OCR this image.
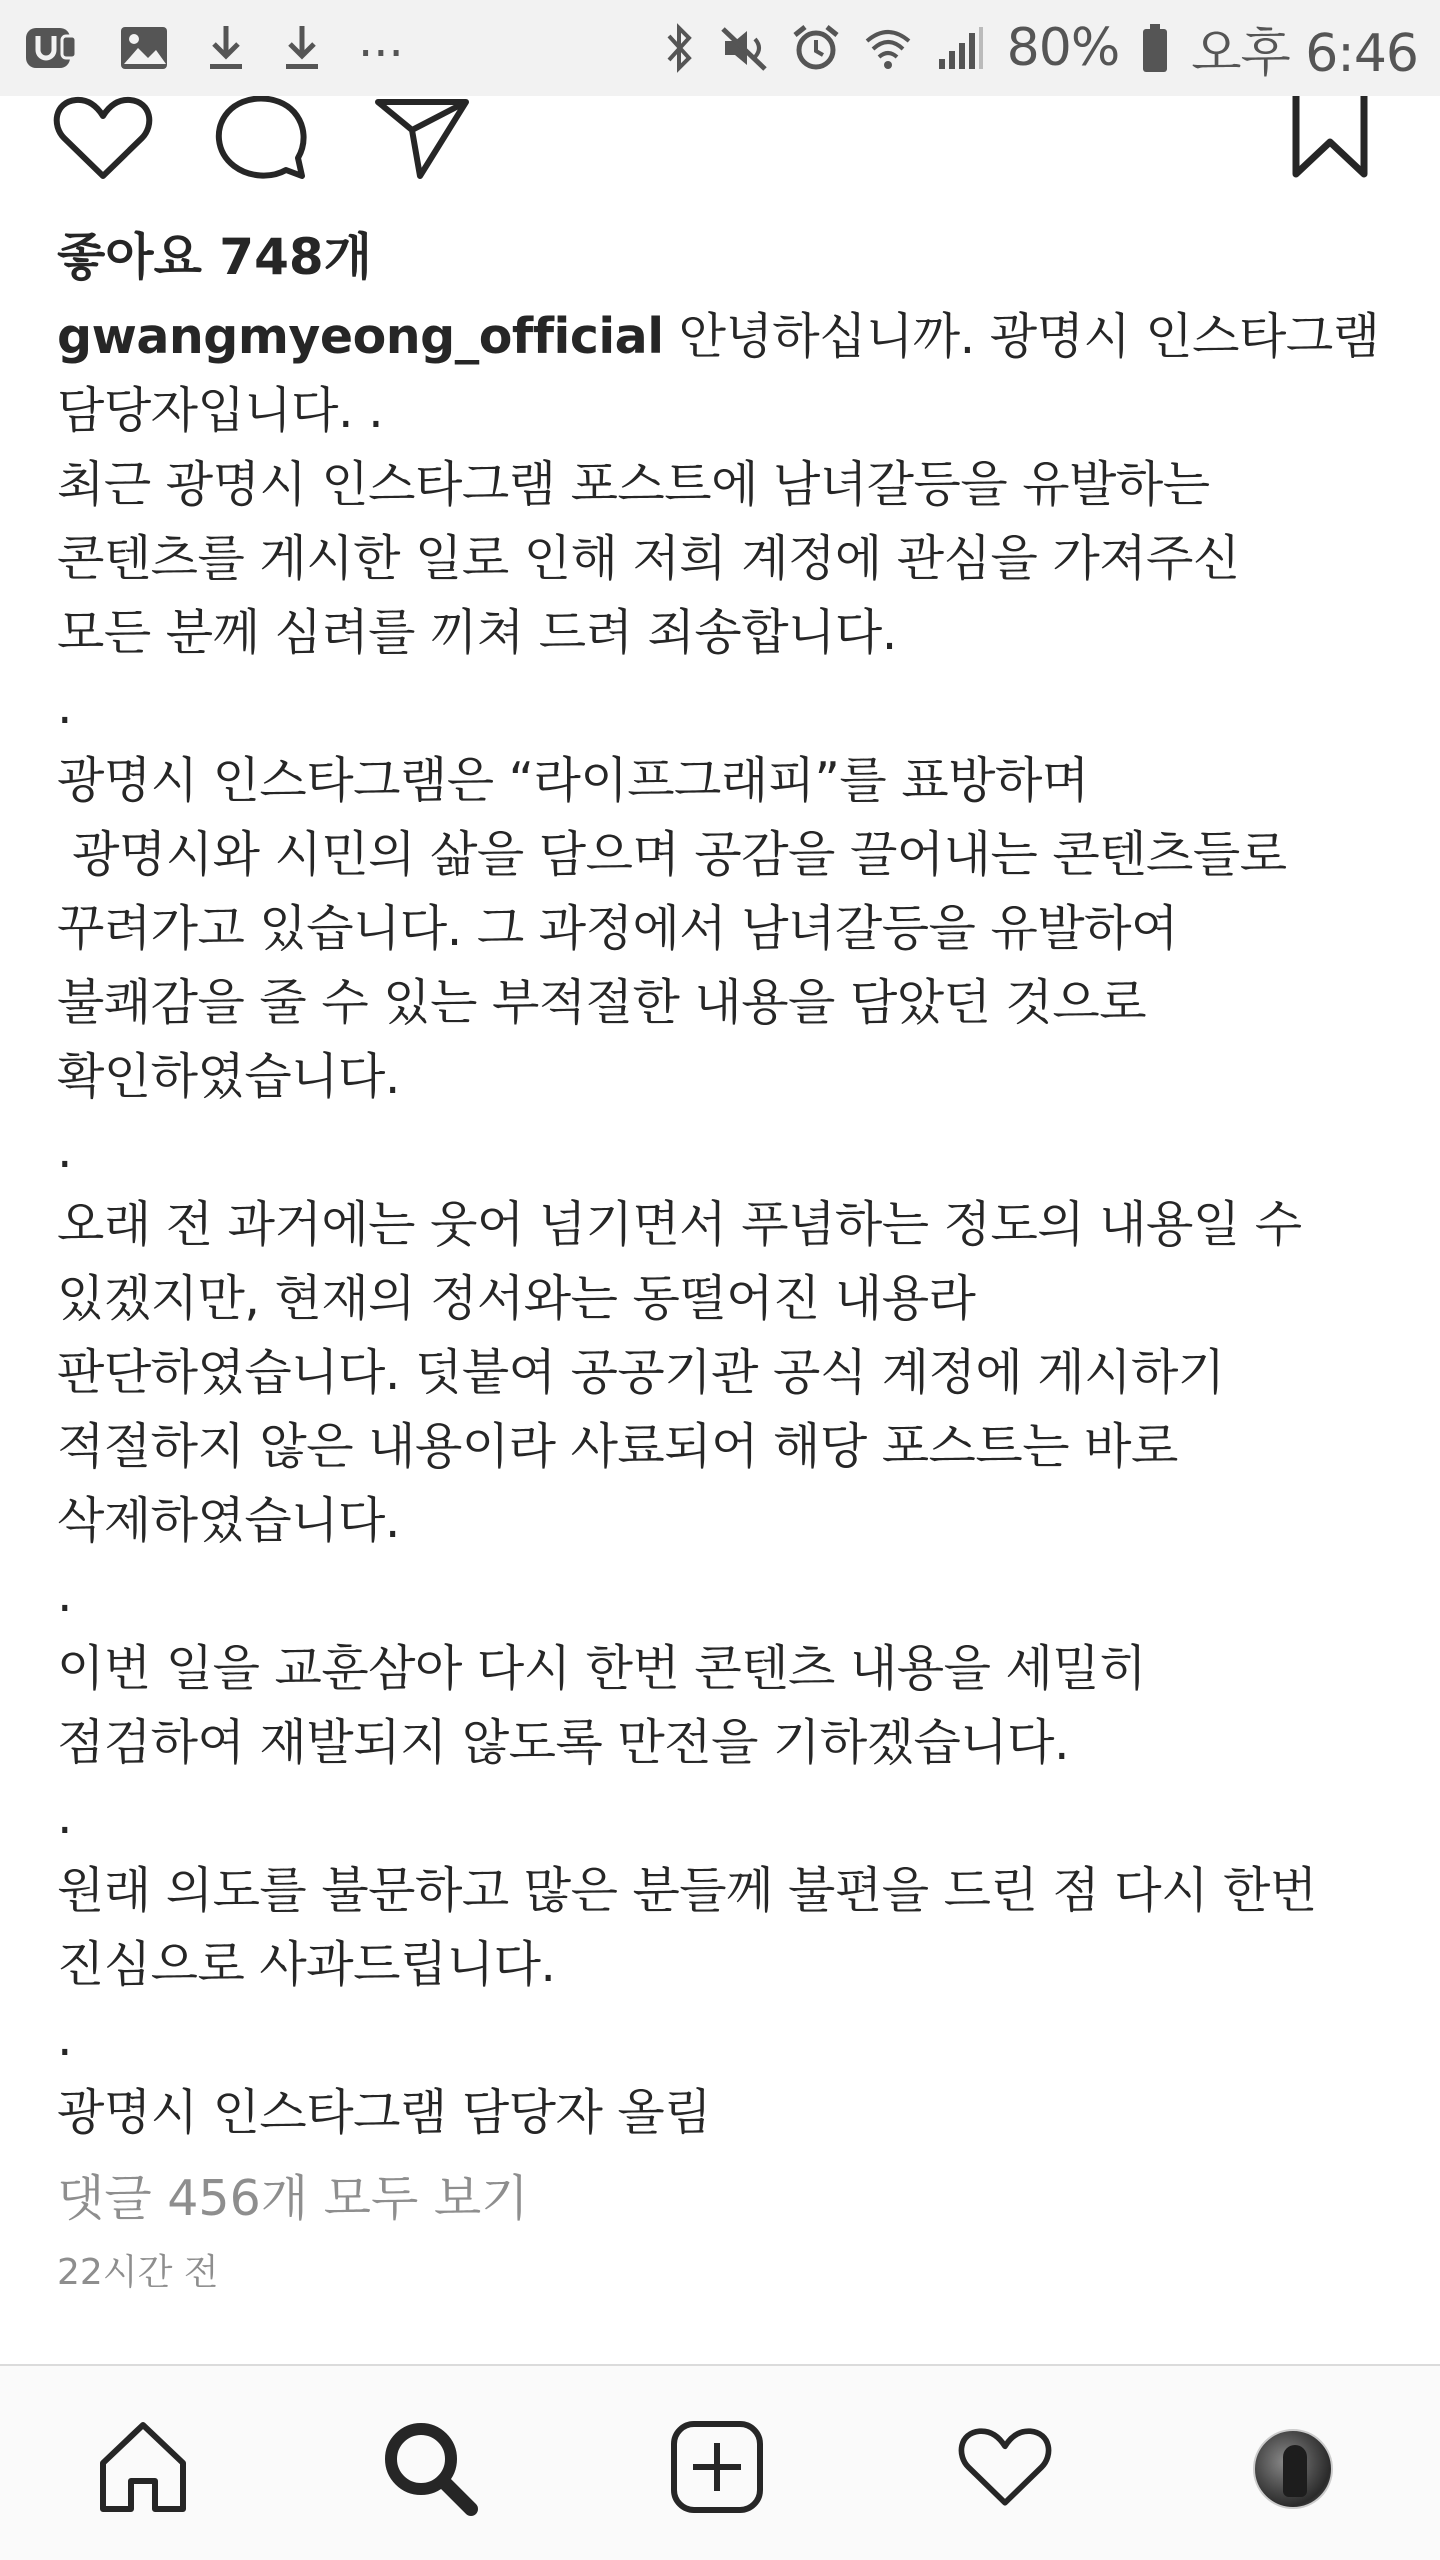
...	80% 오후 6:46
좋아요 748개
gwangmyeong_official 안녕하십니까. 광명시 인스타그램
담당자입니다. .
최근 광명시 인스타그램 포스트에 남녀갈등을 유발하는
콘텐츠를 게시한 일로 인해 저희 계정에 관심을 가져주신
모든 분께 심려를 끼쳐 드려 죄송합니다.
.
광명시 인스타그램은 “라이프그래피”를 표방하며
광명시와 시민의 삶을 담으며 공감을 끌어내는 콘텐츠들로
꾸려가고 있습니다. 그 과정에서 남녀갈등을 유발하여
불쾌감을 줄 수 있는 부적절한 내용을 담았던 것으로
확인하였습니다.
.
오래 전 과거에는 웃어 넘기면서 푸념하는 정도의 내용일 수
있겠지만, 현재의 정서와는 동떨어진 내용라
판단하였습니다. 덧붙여 공공기관 공식 계정에 게시하기
적절하지 않은 내용이라 사료되어 해당 포스트는 바로
삭제하였습니다.
.
이번 일을 교훈삼아 다시 한번 콘텐츠 내용을 세밀히
점검하여 재발되지 않도록 만전을 기하겠습니다.
.
원래 의도를 불문하고 많은 분들께 불편을 드린 점 다시 한번
진심으로 사과드립니다.
.
광명시 인스타그램 담당자 올림
댓글 456개 모두 보기
22시간 전
